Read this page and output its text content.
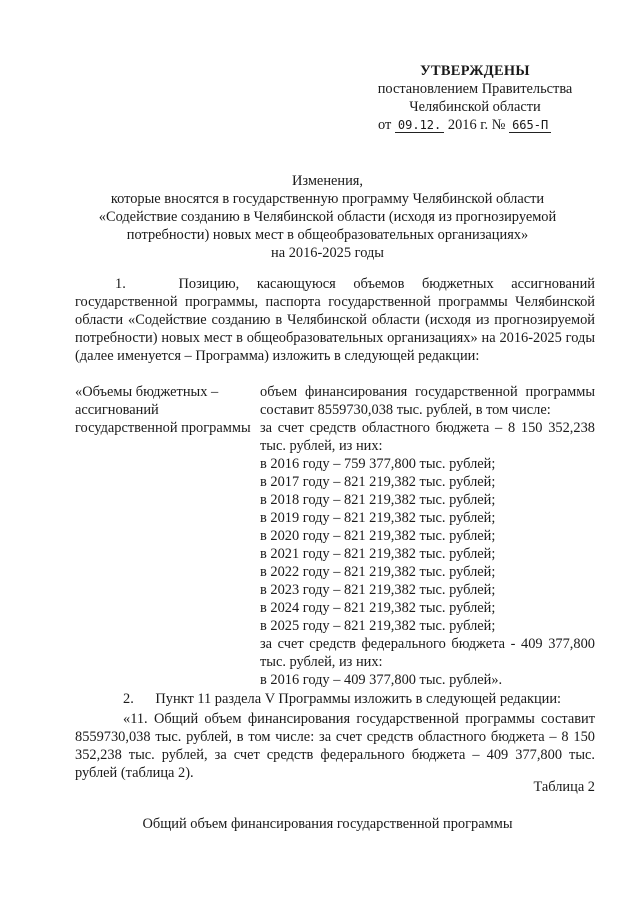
УТВЕРЖДЕНЫ
постановлением Правительства
Челябинской области
от 09.12. 2016 г. № 665-П
Изменения,
которые вносятся в государственную программу Челябинской области
«Содействие созданию в Челябинской области (исходя из прогнозируемой
потребности) новых мест в общеобразовательных организациях»
на 2016-2025 годы
1.   Позицию, касающуюся объемов бюджетных ассигнований государственной программы, паспорта государственной программы Челябинской области «Содействие созданию в Челябинской области (исходя из прогнозируемой потребности) новых мест в общеобразовательных организациях» на 2016-2025 годы (далее именуется – Программа) изложить в следующей редакции:
«Объемы бюджетных – ассигнований государственной программы
объем финансирования государственной программы составит 8559730,038 тыс. рублей, в том числе:
за счет средств областного бюджета – 8 150 352,238 тыс. рублей, из них:
в 2016 году – 759 377,800 тыс. рублей;
в 2017 году – 821 219,382 тыс. рублей;
в 2018 году – 821 219,382 тыс. рублей;
в 2019 году – 821 219,382 тыс. рублей;
в 2020 году – 821 219,382 тыс. рублей;
в 2021 году – 821 219,382 тыс. рублей;
в 2022 году – 821 219,382 тыс. рублей;
в 2023 году – 821 219,382 тыс. рублей;
в 2024 году – 821 219,382 тыс. рублей;
в 2025 году – 821 219,382 тыс. рублей;
за счет средств федерального бюджета - 409 377,800 тыс. рублей, из них:
в 2016 году – 409 377,800 тыс. рублей».
2.      Пункт 11 раздела V Программы изложить в следующей редакции:
«11. Общий объем финансирования государственной программы составит 8559730,038 тыс. рублей, в том числе: за счет средств областного бюджета – 8 150 352,238 тыс. рублей, за счет средств федерального бюджета – 409 377,800 тыс. рублей (таблица 2).
Таблица 2
Общий объем финансирования государственной программы
